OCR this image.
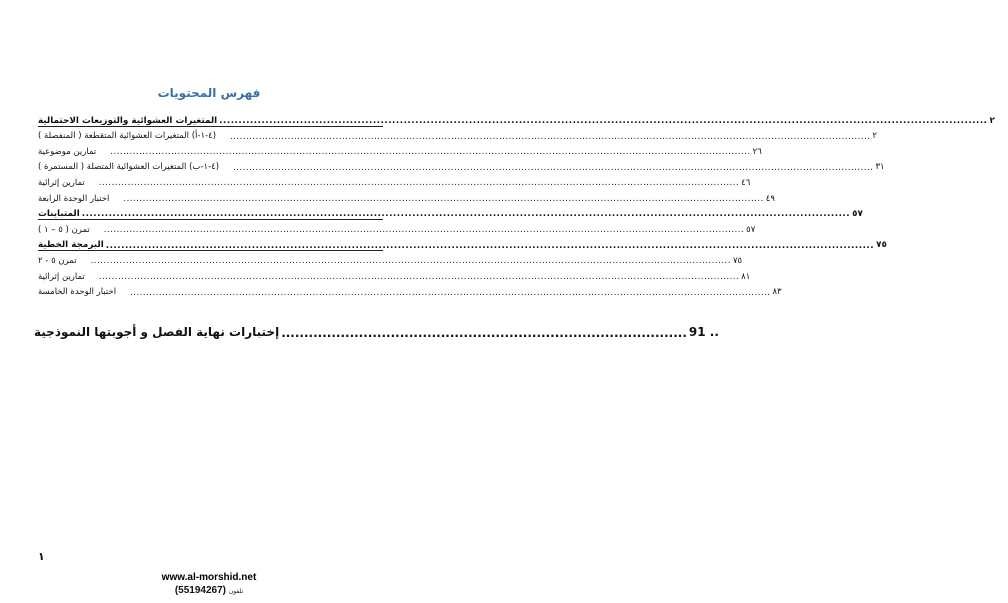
فهرس المحتويات
المتغيرات العشوائية والتوزيعات الاحتمالية ........................................................................................................................................................................................................ ٢
(٤-١-أ) المتغيرات العشوائية المتقطعة ( المنفصلة )	........................................................................................................................................................................................................ ٢
تمارين موضوعية	........................................................................................................................................................................................................ ٢٦
(٤-١-ب) المتغيرات العشوائية المتصلة ( المستمرة )	........................................................................................................................................................................................................ ٣١
تمارين إثرائية	........................................................................................................................................................................................................ ٤٦
اختبار الوحدة الرابعة	........................................................................................................................................................................................................ ٤٩
المتباينات ........................................................................................................................................................................................................ ٥٧
تمرن ( ٥ – ١ )	........................................................................................................................................................................................................ ٥٧
البرمجة الخطية ........................................................................................................................................................................................................ ٧٥
تمرن ٥ - ٢	........................................................................................................................................................................................................ ٧٥
تمارين إثرائية	........................................................................................................................................................................................................ ٨١
اختبار الوحدة الخامسة	........................................................................................................................................................................................................ ٨٣
إختبارات نهاية الفصل و أجوبتها النموذجية ......................................................................................... 91 ..
١
www.al-morshid.net
(55194267) تلفون
